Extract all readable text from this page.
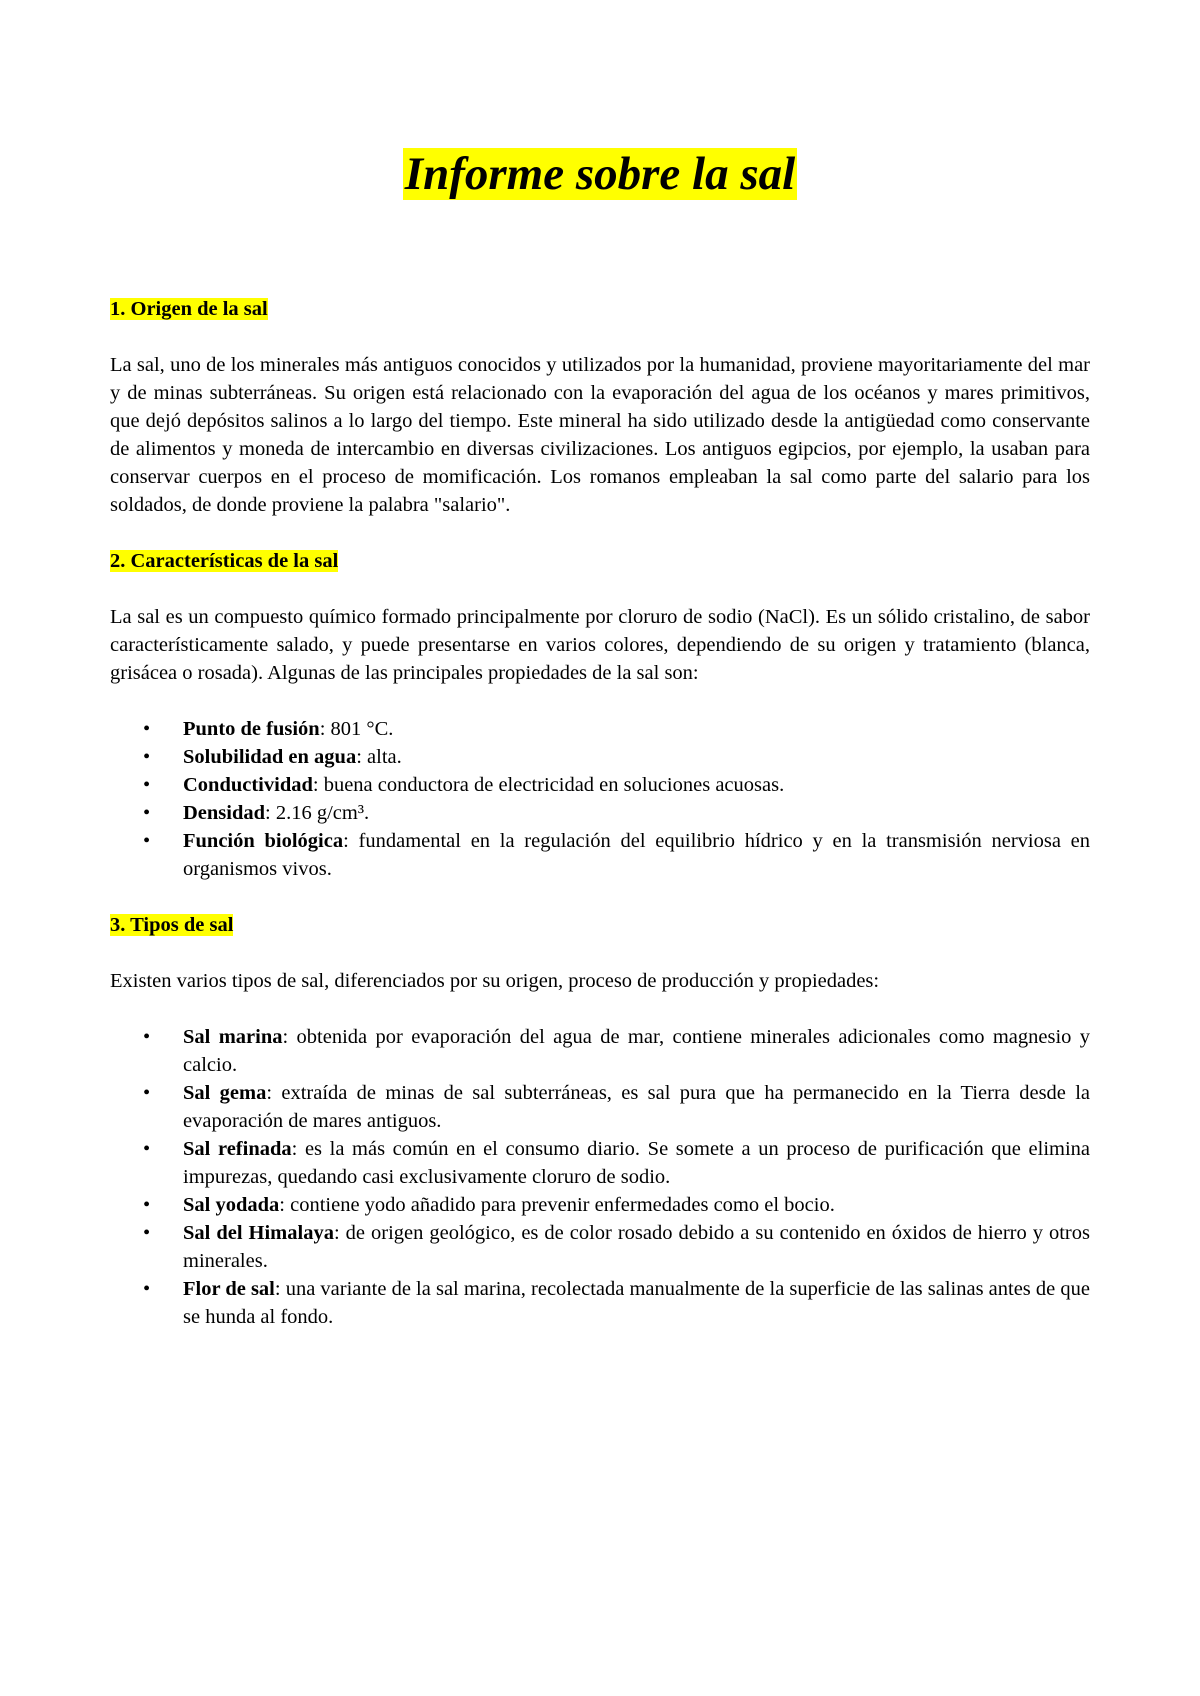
Informe sobre la sal

1. Origen de la sal

La sal, uno de los minerales más antiguos conocidos y utilizados por la humanidad, proviene mayoritariamente del mar y de minas subterráneas. Su origen está relacionado con la evaporación del agua de los océanos y mares primitivos, que dejó depósitos salinos a lo largo del tiempo. Este mineral ha sido utilizado desde la antigüedad como conservante de alimentos y moneda de intercambio en diversas civilizaciones. Los antiguos egipcios, por ejemplo, la usaban para conservar cuerpos en el proceso de momificación. Los romanos empleaban la sal como parte del salario para los soldados, de donde proviene la palabra "salario".

2. Características de la sal

La sal es un compuesto químico formado principalmente por cloruro de sodio (NaCl). Es un sólido cristalino, de sabor característicamente salado, y puede presentarse en varios colores, dependiendo de su origen y tratamiento (blanca, grisácea o rosada). Algunas de las principales propiedades de la sal son:

• Punto de fusión: 801 °C.
• Solubilidad en agua: alta.
• Conductividad: buena conductora de electricidad en soluciones acuosas.
• Densidad: 2.16 g/cm³.
• Función biológica: fundamental en la regulación del equilibrio hídrico y en la transmisión nerviosa en organismos vivos.

3. Tipos de sal

Existen varios tipos de sal, diferenciados por su origen, proceso de producción y propiedades:

• Sal marina: obtenida por evaporación del agua de mar, contiene minerales adicionales como magnesio y calcio.
• Sal gema: extraída de minas de sal subterráneas, es sal pura que ha permanecido en la Tierra desde la evaporación de mares antiguos.
• Sal refinada: es la más común en el consumo diario. Se somete a un proceso de purificación que elimina impurezas, quedando casi exclusivamente cloruro de sodio.
• Sal yodada: contiene yodo añadido para prevenir enfermedades como el bocio.
• Sal del Himalaya: de origen geológico, es de color rosado debido a su contenido en óxidos de hierro y otros minerales.
• Flor de sal: una variante de la sal marina, recolectada manualmente de la superficie de las salinas antes de que se hunda al fondo.
